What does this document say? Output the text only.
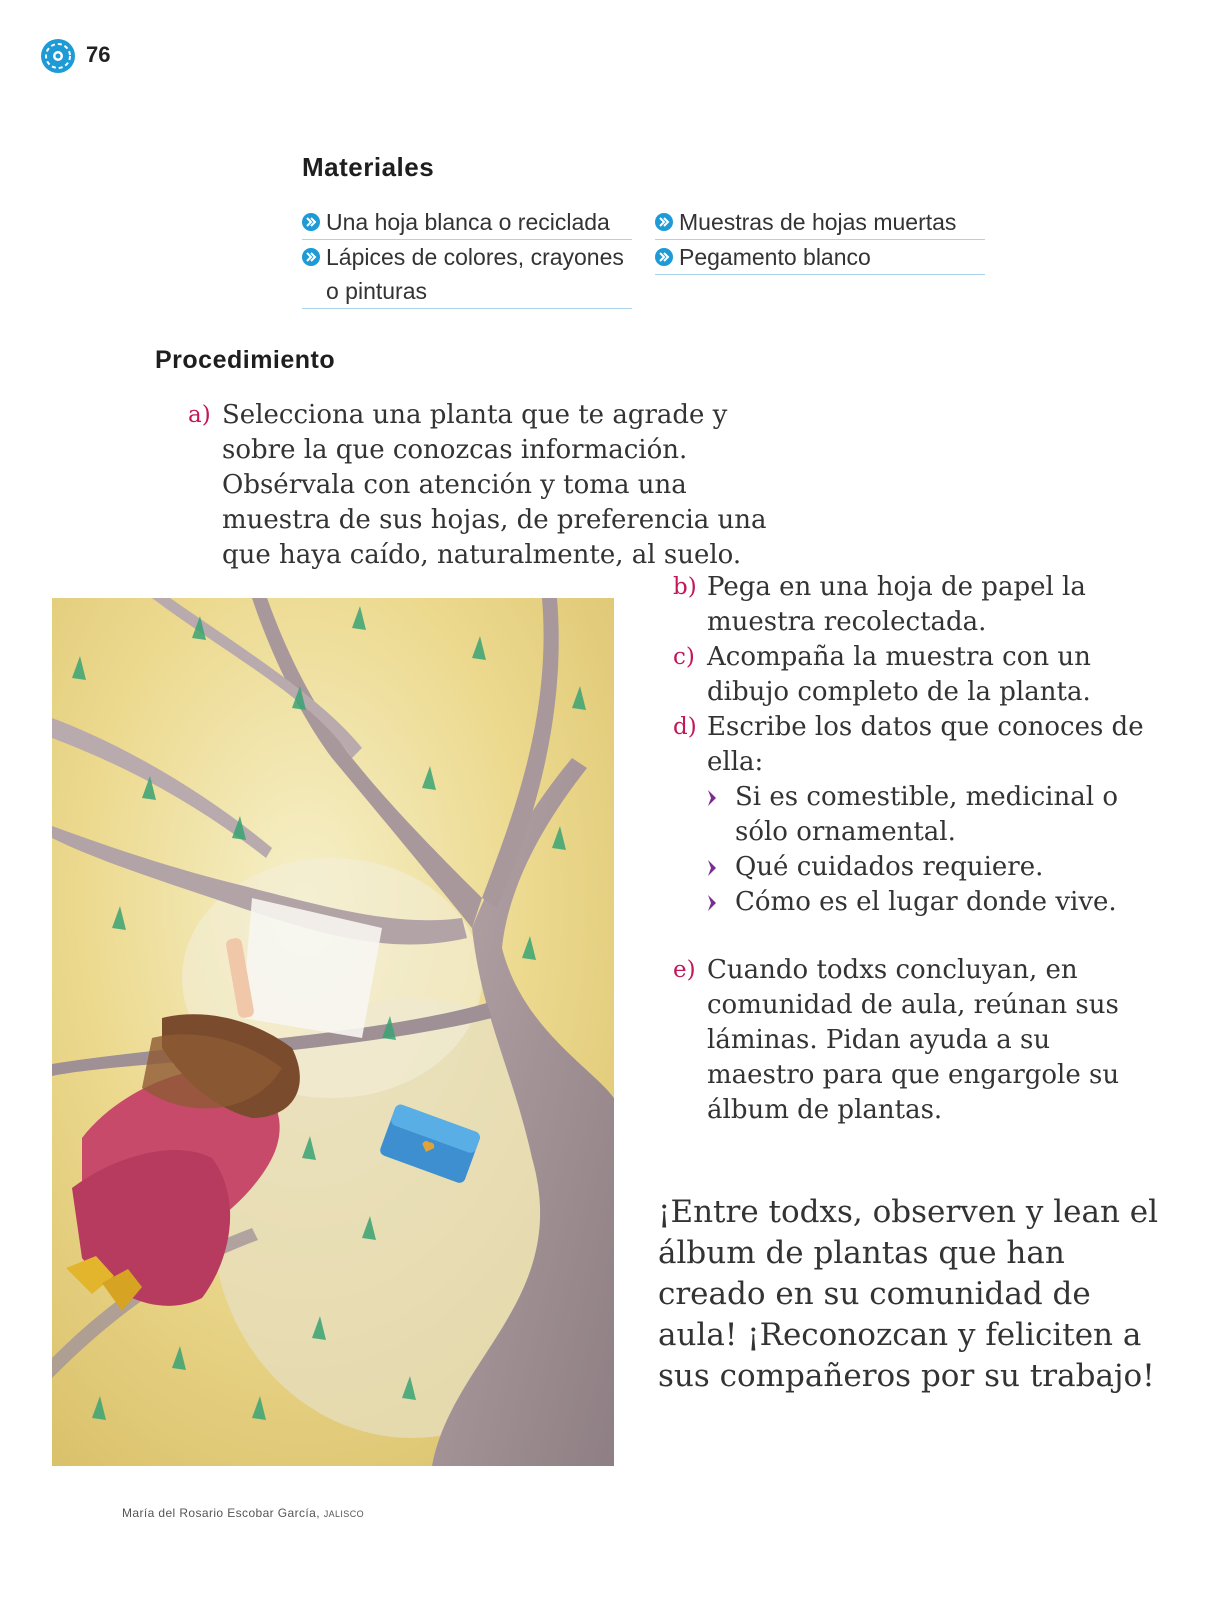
76
Materiales
Una hoja blanca o reciclada
Lápices de colores, crayones o pinturas
Muestras de hojas muertas
Pegamento blanco
Procedimiento
a) Selecciona una planta que te agrade y sobre la que conozcas información. Obsérvala con atención y toma una muestra de sus hojas, de preferencia una que haya caído, naturalmente, al suelo.
b) Pega en una hoja de papel la muestra recolectada.
c) Acompaña la muestra con un dibujo completo de la planta.
d) Escribe los datos que conoces de ella:
Si es comestible, medicinal o sólo ornamental.
Qué cuidados requiere.
Cómo es el lugar donde vive.
e) Cuando todxs concluyan, en comunidad de aula, reúnan sus láminas. Pidan ayuda a su maestro para que engargole su álbum de plantas.
¡Entre todxs, observen y lean el álbum de plantas que han creado en su comunidad de aula! ¡Reconozcan y feliciten a sus compañeros por su trabajo!
María del Rosario Escobar García, JALISCO
